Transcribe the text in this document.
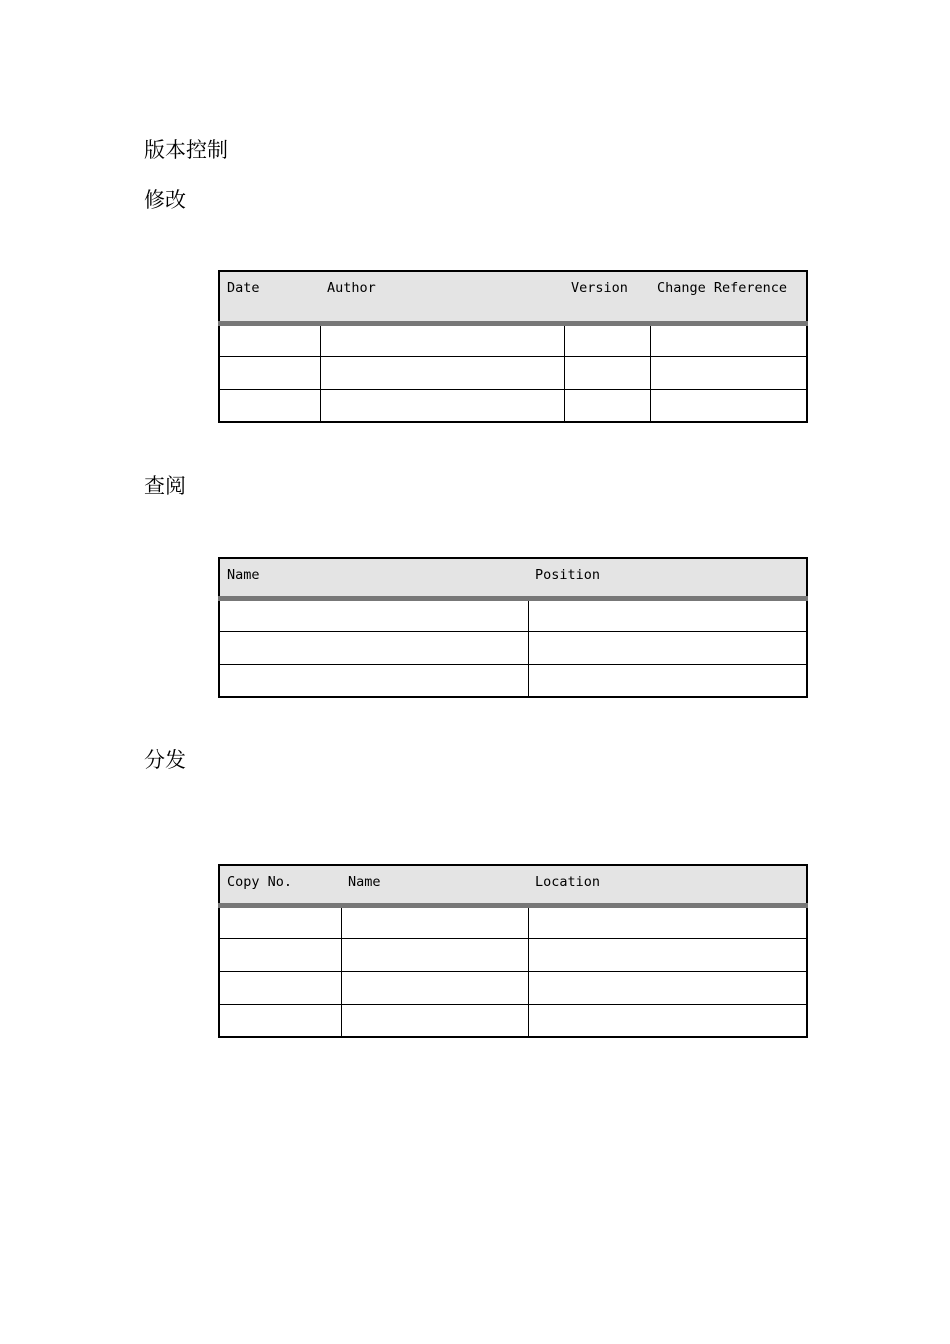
版本控制
修改
Date	Author	Version	Change Reference

查阅
Name	Position

分发
Copy No.	Name	Location
